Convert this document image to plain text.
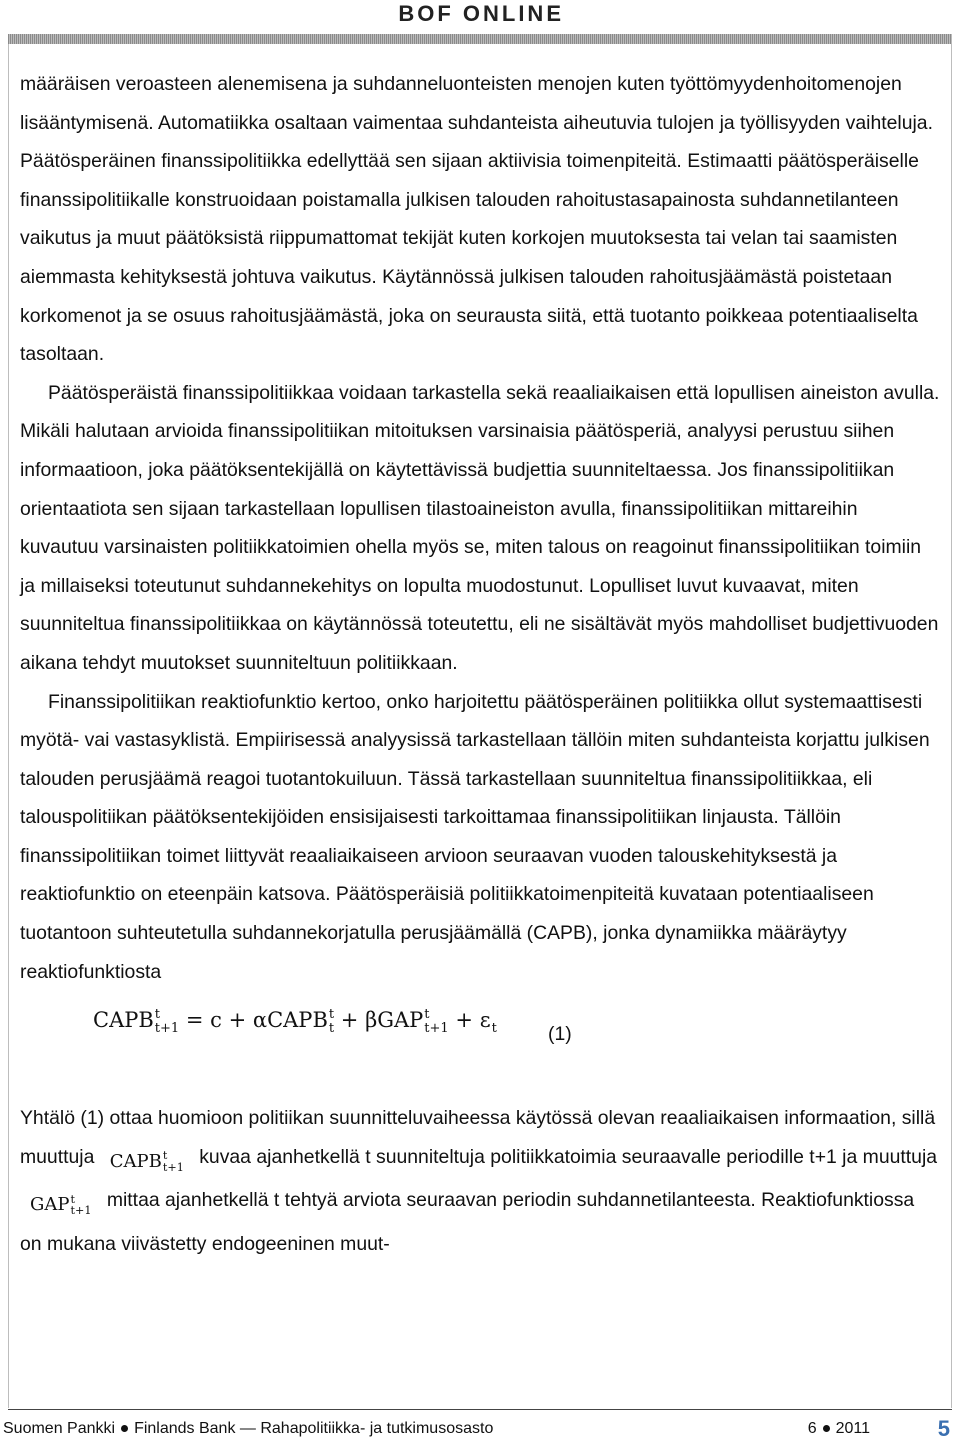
BOF ONLINE

määräisen veroasteen alenemisena ja suhdanneluonteisten menojen kuten työttömyydenhoitomenojen lisääntymisenä. Automatiikka osaltaan vaimentaa suhdanteista aiheutuvia tulojen ja työllisyyden vaihteluja. Päätösperäinen finanssipolitiikka edellyttää sen sijaan aktiivisia toimenpiteitä. Estimaatti päätösperäiselle finanssipolitiikalle konstruoidaan poistamalla julkisen talouden rahoitustasapainosta suhdannetilanteen vaikutus ja muut päätöksistä riippumattomat tekijät kuten korkojen muutoksesta tai velan tai saamisten aiemmasta kehityksestä johtuva vaikutus. Käytännössä julkisen talouden rahoitusjäämästä poistetaan korkomenot ja se osuus rahoitusjäämästä, joka on seurausta siitä, että tuotanto poikkeaa potentiaaliselta tasoltaan.

Päätösperäistä finanssipolitiikkaa voidaan tarkastella sekä reaaliaikaisen että lopullisen aineiston avulla. Mikäli halutaan arvioida finanssipolitiikan mitoituksen varsinaisia päätösperiä, analyysi perustuu siihen informaatioon, joka päätöksentekijällä on käytettävissä budjettia suunniteltaessa. Jos finanssipolitiikan orientaatiota sen sijaan tarkastellaan lopullisen tilastoaineiston avulla, finanssipolitiikan mittareihin kuvautuu varsinaisten politiikkatoimien ohella myös se, miten talous on reagoinut finanssipolitiikan toimiin ja millaiseksi toteutunut suhdannekehitys on lopulta muodostunut. Lopulliset luvut kuvaavat, miten suunniteltua finanssipolitiikkaa on käytännössä toteutettu, eli ne sisältävät myös mahdolliset budjettivuoden aikana tehdyt muutokset suunniteltuun politiikkaan.

Finanssipolitiikan reaktiofunktio kertoo, onko harjoitettu päätösperäinen politiikka ollut systemaattisesti myötä- vai vastasyklistä. Empiirisessä analyysissä tarkastellaan tällöin miten suhdanteista korjattu julkisen talouden perusjäämä reagoi tuotantokuiluun. Tässä tarkastellaan suunniteltua finanssipolitiikkaa, eli talouspolitiikan päätöksentekijöiden ensisijaisesti tarkoittamaa finanssipolitiikan linjausta. Tällöin finanssipolitiikan toimet liittyvät reaaliaikaiseen arvioon seuraavan vuoden talouskehityksestä ja reaktiofunktio on eteenpäin katsova. Päätösperäisiä politiikkatoimenpiteitä kuvataan potentiaaliseen tuotantoon suhteutetulla suhdannekorjatulla perusjäämällä (CAPB), jonka dynamiikka määräytyy reaktiofunktiosta

CAPB t
t+1 = c + αCAPB t
t + βGAP t
t+1 + ε
t	(1)

Yhtälö (1) ottaa huomioon politiikan suunnitteluvaiheessa käytössä olevan reaaliaikaisen informaation, sillä muuttuja CAPB t
t+1 kuvaa ajanhetkellä t suunniteltuja politiikkatoimia seuraavalle periodille t+1 ja muuttuja GAP t
t+1 mittaa ajanhetkellä t tehtyä arviota seuraavan periodin suhdannetilanteesta. Reaktiofunktiossa on mukana viivästetty endogeeninen muut-

Suomen Pankki Finlands Bank — Rahapolitiikka- ja tutkimusosasto	6 2011	5
